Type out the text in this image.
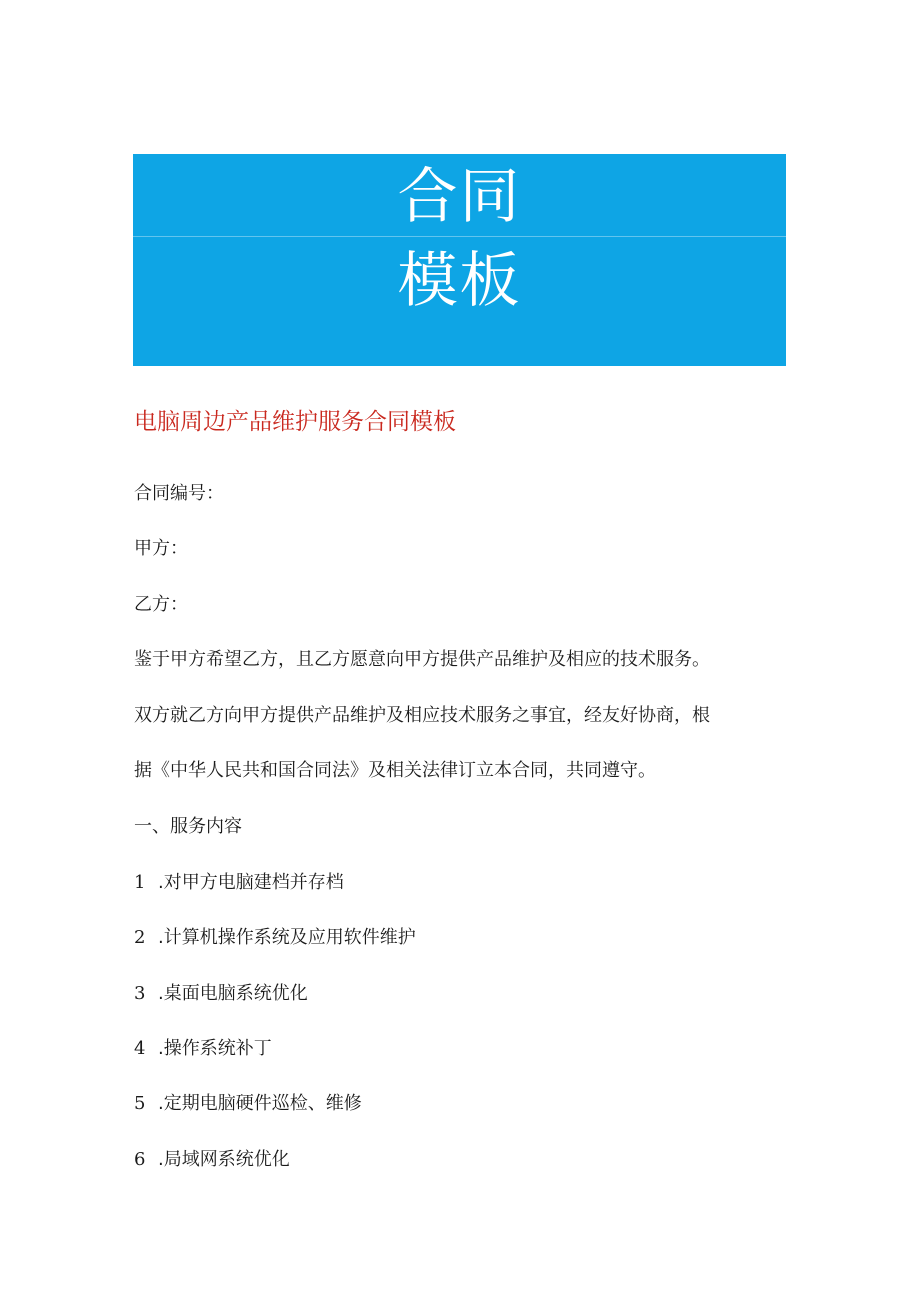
合同
模板
电脑周边产品维护服务合同模板
合同编号：
甲方：
乙方：
鉴于甲方希望乙方，且乙方愿意向甲方提供产品维护及相应的技术服务。
双方就乙方向甲方提供产品维护及相应技术服务之事宜，经友好协商，根
据《中华人民共和国合同法》及相关法律订立本合同，共同遵守。
一、服务内容
1 .对甲方电脑建档并存档
2 .计算机操作系统及应用软件维护
3 .桌面电脑系统优化
4 .操作系统补丁
5 .定期电脑硬件巡检、维修
6 .局域网系统优化
